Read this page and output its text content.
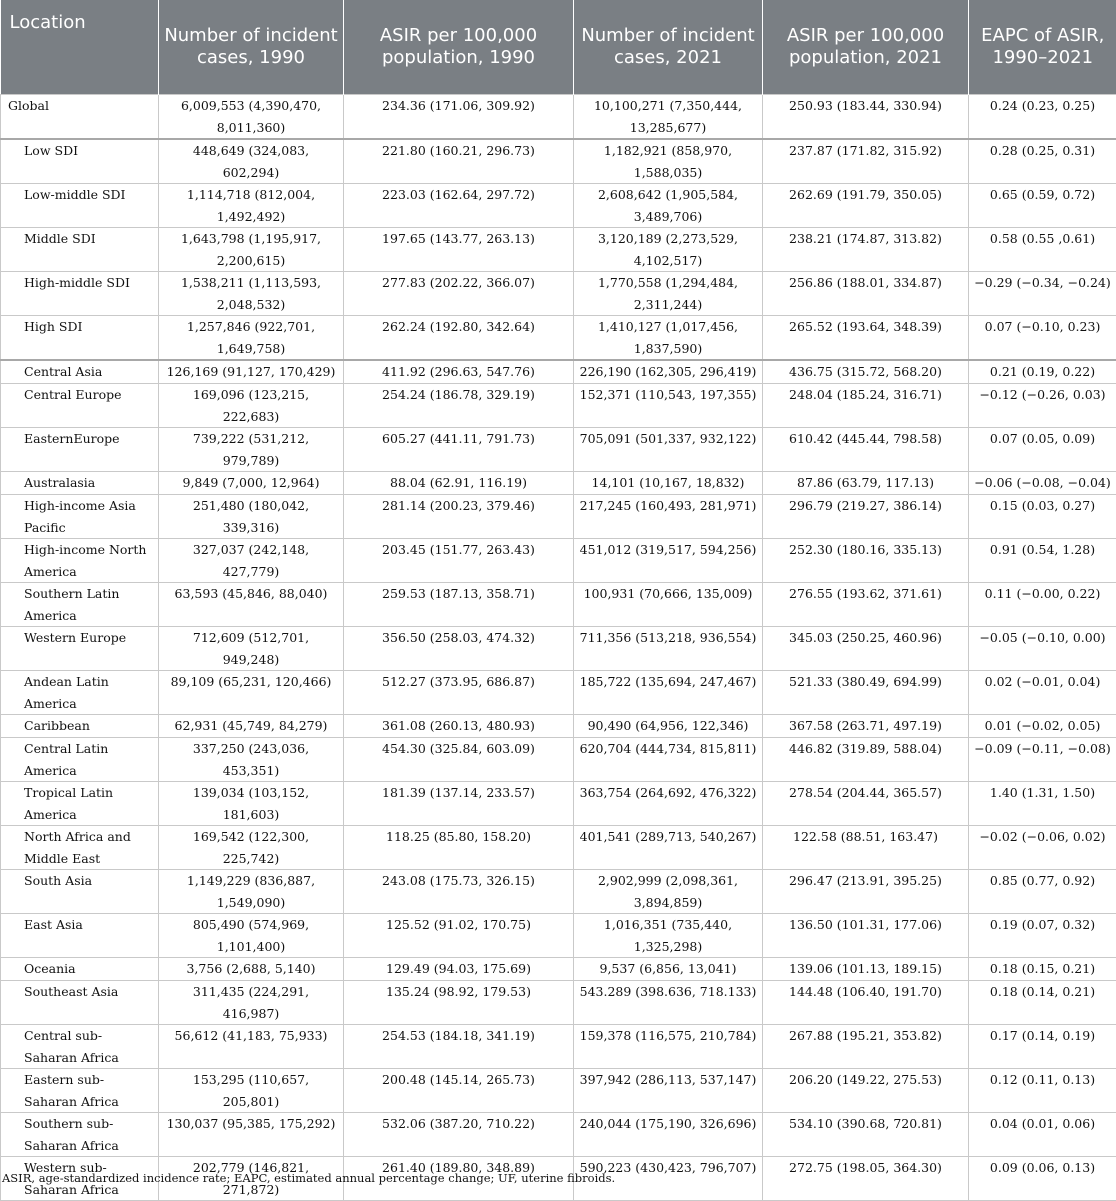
Location	Number of incident cases, 1990	ASIR per 100,000 population, 1990	Number of incident cases, 2021	ASIR per 100,000 population, 2021	EAPC of ASIR, 1990–2021
Global	6,009,553 (4,390,470, 8,011,360)	234.36 (171.06, 309.92)	10,100,271 (7,350,444, 13,285,677)	250.93 (183.44, 330.94)	0.24 (0.23, 0.25)
Low SDI	448,649 (324,083, 602,294)	221.80 (160.21, 296.73)	1,182,921 (858,970, 1,588,035)	237.87 (171.82, 315.92)	0.28 (0.25, 0.31)
Low-middle SDI	1,114,718 (812,004, 1,492,492)	223.03 (162.64, 297.72)	2,608,642 (1,905,584, 3,489,706)	262.69 (191.79, 350.05)	0.65 (0.59, 0.72)
Middle SDI	1,643,798 (1,195,917, 2,200,615)	197.65 (143.77, 263.13)	3,120,189 (2,273,529, 4,102,517)	238.21 (174.87, 313.82)	0.58 (0.55 ,0.61)
High-middle SDI	1,538,211 (1,113,593, 2,048,532)	277.83 (202.22, 366.07)	1,770,558 (1,294,484, 2,311,244)	256.86 (188.01, 334.87)	−0.29 (−0.34, −0.24)
High SDI	1,257,846 (922,701, 1,649,758)	262.24 (192.80, 342.64)	1,410,127 (1,017,456, 1,837,590)	265.52 (193.64, 348.39)	0.07 (−0.10, 0.23)
Central Asia	126,169 (91,127, 170,429)	411.92 (296.63, 547.76)	226,190 (162,305, 296,419)	436.75 (315.72, 568.20)	0.21 (0.19, 0.22)
Central Europe	169,096 (123,215, 222,683)	254.24 (186.78, 329.19)	152,371 (110,543, 197,355)	248.04 (185.24, 316.71)	−0.12 (−0.26, 0.03)
EasternEurope	739,222 (531,212, 979,789)	605.27 (441.11, 791.73)	705,091 (501,337, 932,122)	610.42 (445.44, 798.58)	0.07 (0.05, 0.09)
Australasia	9,849 (7,000, 12,964)	88.04 (62.91, 116.19)	14,101 (10,167, 18,832)	87.86 (63.79, 117.13)	−0.06 (−0.08, −0.04)
High-income Asia Pacific	251,480 (180,042, 339,316)	281.14 (200.23, 379.46)	217,245 (160,493, 281,971)	296.79 (219.27, 386.14)	0.15 (0.03, 0.27)
High-income North America	327,037 (242,148, 427,779)	203.45 (151.77, 263.43)	451,012 (319,517, 594,256)	252.30 (180.16, 335.13)	0.91 (0.54, 1.28)
Southern Latin America	63,593 (45,846, 88,040)	259.53 (187.13, 358.71)	100,931 (70,666, 135,009)	276.55 (193.62, 371.61)	0.11 (−0.00, 0.22)
Western Europe	712,609 (512,701, 949,248)	356.50 (258.03, 474.32)	711,356 (513,218, 936,554)	345.03 (250.25, 460.96)	−0.05 (−0.10, 0.00)
Andean Latin America	89,109 (65,231, 120,466)	512.27 (373.95, 686.87)	185,722 (135,694, 247,467)	521.33 (380.49, 694.99)	0.02 (−0.01, 0.04)
Caribbean	62,931 (45,749, 84,279)	361.08 (260.13, 480.93)	90,490 (64,956, 122,346)	367.58 (263.71, 497.19)	0.01 (−0.02, 0.05)
Central Latin America	337,250 (243,036, 453,351)	454.30 (325.84, 603.09)	620,704 (444,734, 815,811)	446.82 (319.89, 588.04)	−0.09 (−0.11, −0.08)
Tropical Latin America	139,034 (103,152, 181,603)	181.39 (137.14, 233.57)	363,754 (264,692, 476,322)	278.54 (204.44, 365.57)	1.40 (1.31, 1.50)
North Africa and Middle East	169,542 (122,300, 225,742)	118.25 (85.80, 158.20)	401,541 (289,713, 540,267)	122.58 (88.51, 163.47)	−0.02 (−0.06, 0.02)
South Asia	1,149,229 (836,887, 1,549,090)	243.08 (175.73, 326.15)	2,902,999 (2,098,361, 3,894,859)	296.47 (213.91, 395.25)	0.85 (0.77, 0.92)
East Asia	805,490 (574,969, 1,101,400)	125.52 (91.02, 170.75)	1,016,351 (735,440, 1,325,298)	136.50 (101.31, 177.06)	0.19 (0.07, 0.32)
Oceania	3,756 (2,688, 5,140)	129.49 (94.03, 175.69)	9,537 (6,856, 13,041)	139.06 (101.13, 189.15)	0.18 (0.15, 0.21)
Southeast Asia	311,435 (224,291, 416,987)	135.24 (98.92, 179.53)	543.289 (398.636, 718.133)	144.48 (106.40, 191.70)	0.18 (0.14, 0.21)
Central sub-Saharan Africa	56,612 (41,183, 75,933)	254.53 (184.18, 341.19)	159,378 (116,575, 210,784)	267.88 (195.21, 353.82)	0.17 (0.14, 0.19)
Eastern sub-Saharan Africa	153,295 (110,657, 205,801)	200.48 (145.14, 265.73)	397,942 (286,113, 537,147)	206.20 (149.22, 275.53)	0.12 (0.11, 0.13)
Southern sub-Saharan Africa	130,037 (95,385, 175,292)	532.06 (387.20, 710.22)	240,044 (175,190, 326,696)	534.10 (390.68, 720.81)	0.04 (0.01, 0.06)
Western sub-Saharan Africa	202,779 (146,821, 271,872)	261.40 (189.80, 348.89)	590,223 (430,423, 796,707)	272.75 (198.05, 364.30)	0.09 (0.06, 0.13)
ASIR, age-standardized incidence rate; EAPC, estimated annual percentage change; UF, uterine fibroids.
